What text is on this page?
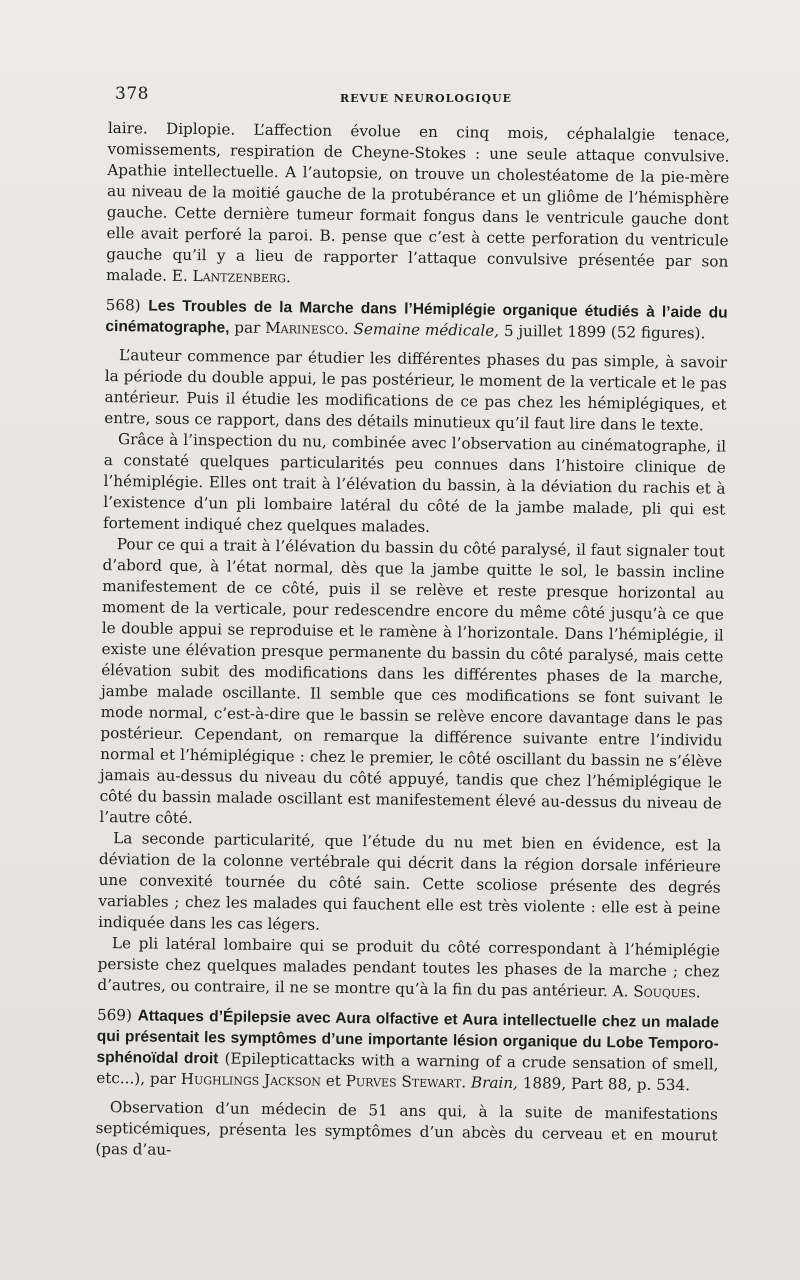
378	REVUE NEUROLOGIQUE

laire. Diplopie. L’affection évolue en cinq mois, céphalalgie tenace, vomissements, respiration de Cheyne-Stokes : une seule attaque convulsive. Apathie intellectuelle. A l’autopsie, on trouve un cholestéatome de la pie-mère au niveau de la moitié gauche de la protubérance et un gliôme de l’hémisphère gauche. Cette dernière tumeur formait fongus dans le ventricule gauche dont elle avait perforé la paroi. B. pense que c’est à cette perforation du ventricule gauche qu’il y a lieu de rapporter l’attaque convulsive présentée par son malade. E. Lantzenberg.

568) Les Troubles de la Marche dans l’Hémiplégie organique étudiés à l’aide du cinématographe, par Marinesco. Semaine médicale, 5 juillet 1899 (52 figures).

L’auteur commence par étudier les différentes phases du pas simple, à savoir la période du double appui, le pas postérieur, le moment de la verticale et le pas antérieur. Puis il étudie les modifications de ce pas chez les hémiplégiques, et entre, sous ce rapport, dans des détails minutieux qu’il faut lire dans le texte.

Grâce à l’inspection du nu, combinée avec l’observation au cinématographe, il a constaté quelques particularités peu connues dans l’histoire clinique de l’hémiplégie. Elles ont trait à l’élévation du bassin, à la déviation du rachis et à l’existence d’un pli lombaire latéral du côté de la jambe malade, pli qui est fortement indiqué chez quelques malades.

Pour ce qui a trait à l’élévation du bassin du côté paralysé, il faut signaler tout d’abord que, à l’état normal, dès que la jambe quitte le sol, le bassin incline manifestement de ce côté, puis il se relève et reste presque horizontal au moment de la verticale, pour redescendre encore du même côté jusqu’à ce que le double appui se reproduise et le ramène à l’horizontale. Dans l’hémiplégie, il existe une élévation presque permanente du bassin du côté paralysé, mais cette élévation subit des modifications dans les différentes phases de la marche, jambe malade oscillante. Il semble que ces modifications se font suivant le mode normal, c’est-à-dire que le bassin se relève encore davantage dans le pas postérieur. Cependant, on remarque la différence suivante entre l’individu normal et l’hémiplégique : chez le premier, le côté oscillant du bassin ne s’élève jamais au-dessus du niveau du côté appuyé, tandis que chez l’hémiplégique le côté du bassin malade oscillant est manifestement élevé au-dessus du niveau de l’autre côté.

La seconde particularité, que l’étude du nu met bien en évidence, est la déviation de la colonne vertébrale qui décrit dans la région dorsale inférieure une convexité tournée du côté sain. Cette scoliose présente des degrés variables ; chez les malades qui fauchent elle est très violente : elle est à peine indiquée dans les cas légers.

Le pli latéral lombaire qui se produit du côté correspondant à l’hémiplégie persiste chez quelques malades pendant toutes les phases de la marche ; chez d’autres, ou contraire, il ne se montre qu’à la fin du pas antérieur. A. Souques.

569) Attaques d’Épilepsie avec Aura olfactive et Aura intellectuelle chez un malade qui présentait les symptômes d’une importante lésion organique du Lobe Temporo-sphénoïdal droit (Epilepticattacks with a warning of a crude sensation of smell, etc...), par Hughlings Jackson et Purves Stewart. Brain, 1889, Part 88, p. 534.

Observation d’un médecin de 51 ans qui, à la suite de manifestations septicémiques, présenta les symptômes d’un abcès du cerveau et en mourut (pas d’au-
